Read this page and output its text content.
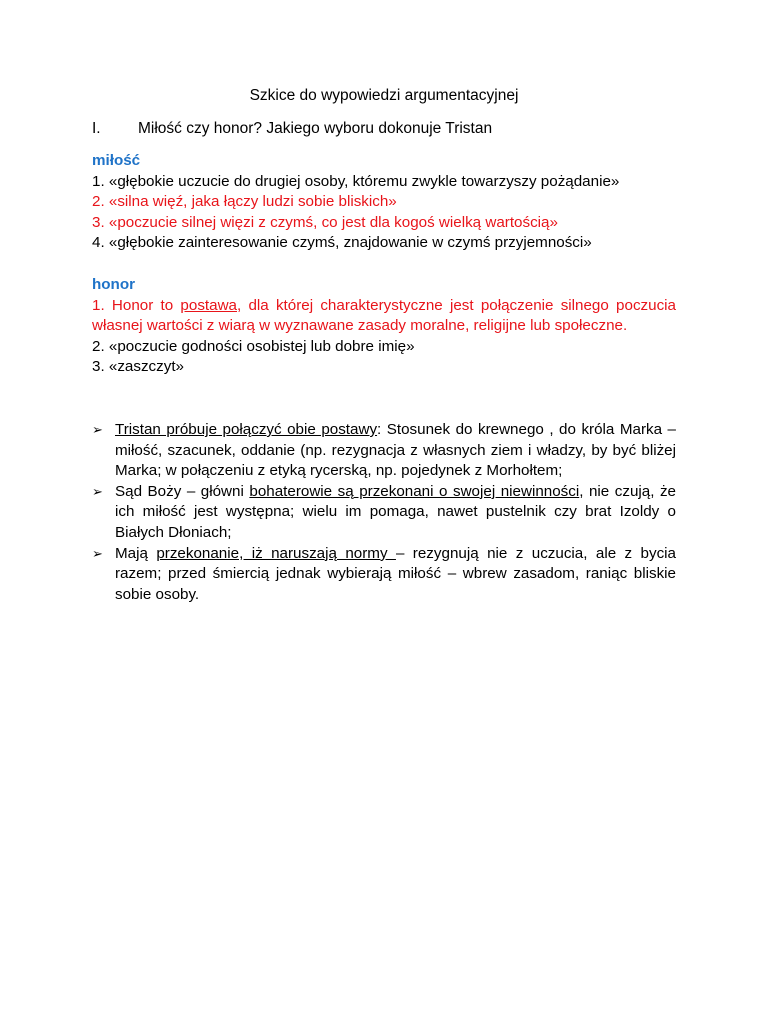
Szkice do wypowiedzi argumentacyjnej
I. Miłość czy honor? Jakiego wyboru dokonuje Tristan
miłość
1. «głębokie uczucie do drugiej osoby, któremu zwykle towarzyszy pożądanie»
2. «silna więź, jaka łączy ludzi sobie bliskich»
3. «poczucie silnej więzi z czymś, co jest dla kogoś wielką wartością»
4. «głębokie zainteresowanie czymś, znajdowanie w czymś przyjemności»
honor
1. Honor to postawa, dla której charakterystyczne jest połączenie silnego poczucia własnej wartości z wiarą w wyznawane zasady moralne, religijne lub społeczne.
2. «poczucie godności osobistej lub dobre imię»
3. «zaszczyt»
➢ Tristan próbuje połączyć obie postawy: Stosunek do krewnego , do króla Marka – miłość, szacunek, oddanie (np. rezygnacja z własnych ziem i władzy, by być bliżej Marka; w połączeniu z etyką rycerską, np. pojedynek z Morhołtem;
➢ Sąd Boży – główni bohaterowie są przekonani o swojej niewinności, nie czują, że ich miłość jest występna; wielu im pomaga, nawet pustelnik czy brat Izoldy o Białych Dłoniach;
➢ Mają przekonanie, iż naruszają normy – rezygnują nie z uczucia, ale z bycia razem; przed śmiercią jednak wybierają miłość – wbrew zasadom, raniąc bliskie sobie osoby.
